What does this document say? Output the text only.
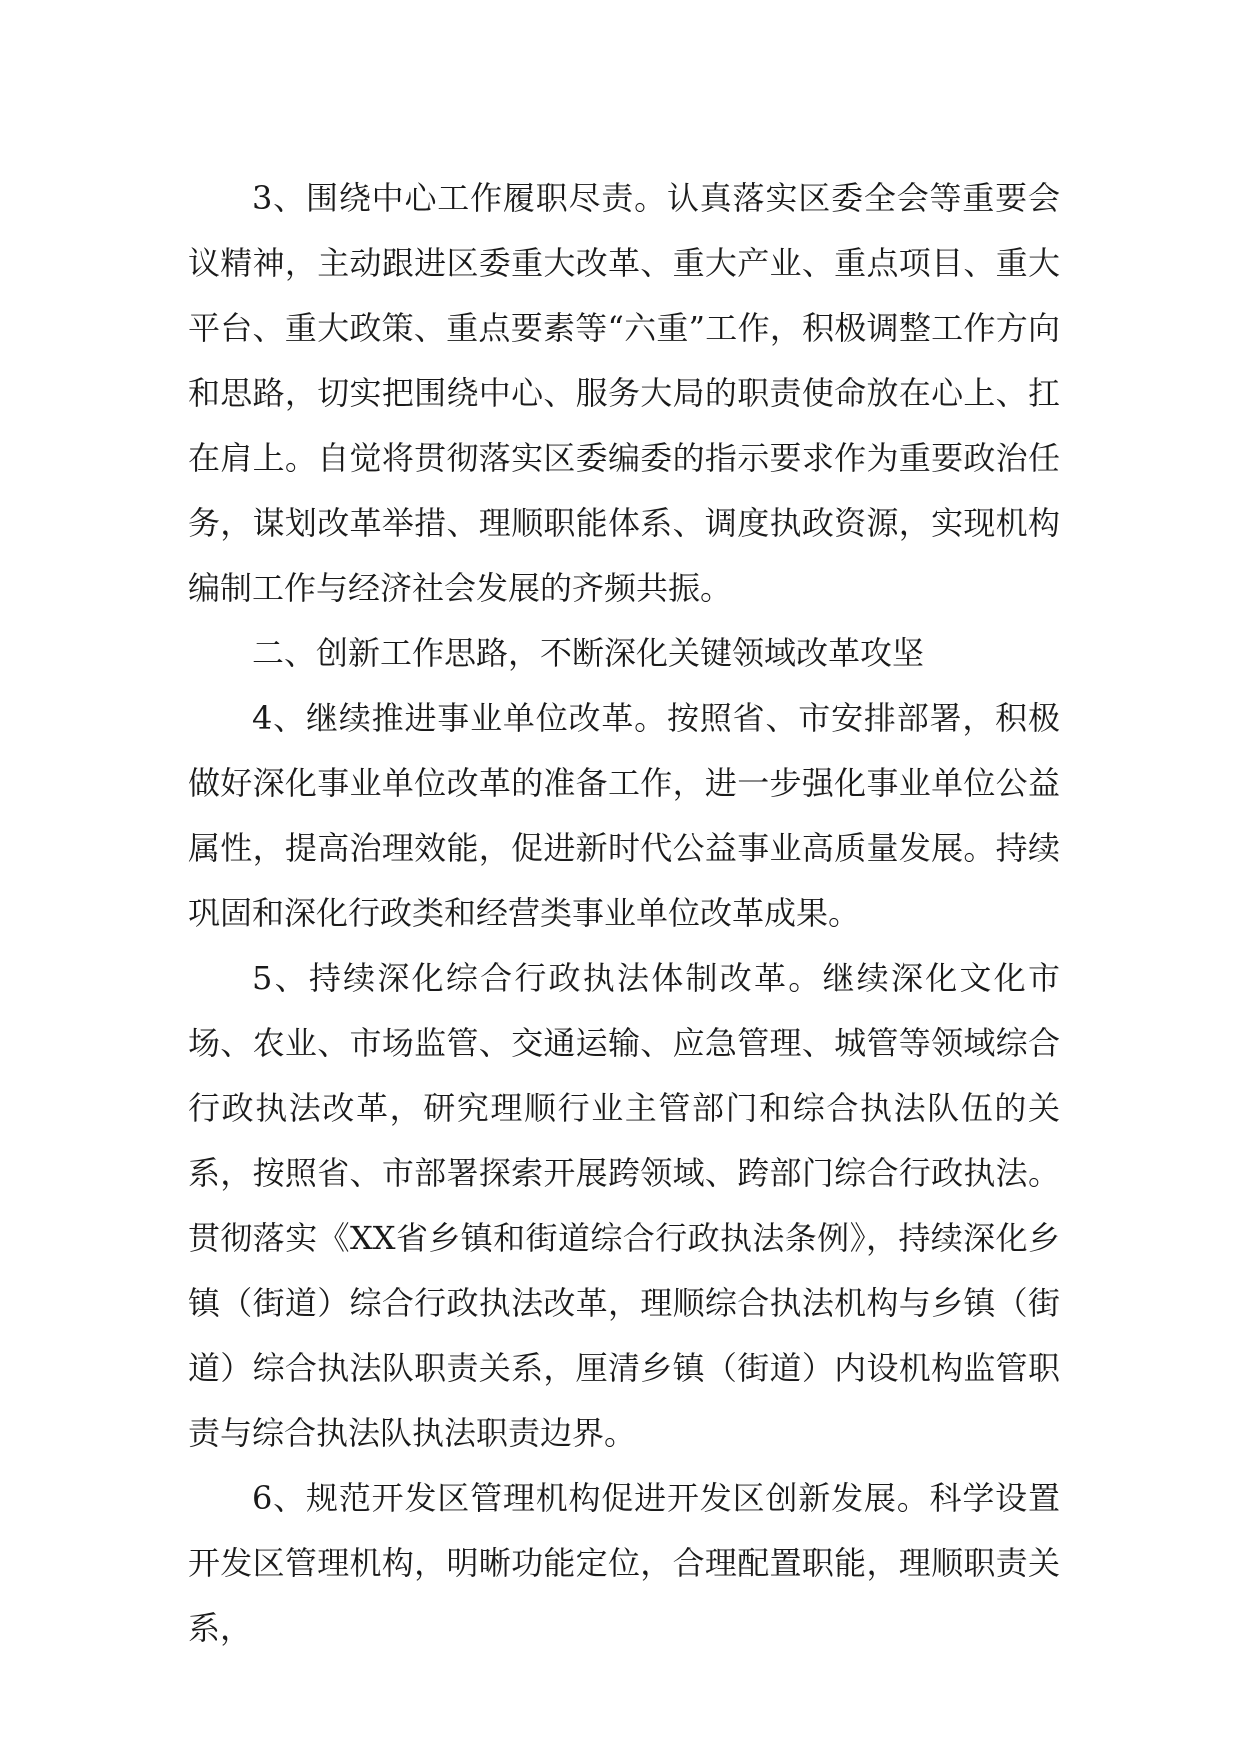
3、围绕中心工作履职尽责。认真落实区委全会等重要会议精神，主动跟进区委重大改革、重大产业、重点项目、重大平台、重大政策、重点要素等“六重”工作，积极调整工作方向和思路，切实把围绕中心、服务大局的职责使命放在心上、扛在肩上。自觉将贯彻落实区委编委的指示要求作为重要政治任务，谋划改革举措、理顺职能体系、调度执政资源，实现机构编制工作与经济社会发展的齐频共振。

二、创新工作思路，不断深化关键领域改革攻坚

4、继续推进事业单位改革。按照省、市安排部署，积极做好深化事业单位改革的准备工作，进一步强化事业单位公益属性，提高治理效能，促进新时代公益事业高质量发展。持续巩固和深化行政类和经营类事业单位改革成果。

5、持续深化综合行政执法体制改革。继续深化文化市场、农业、市场监管、交通运输、应急管理、城管等领域综合行政执法改革，研究理顺行业主管部门和综合执法队伍的关系，按照省、市部署探索开展跨领域、跨部门综合行政执法。贯彻落实《XX省乡镇和街道综合行政执法条例》，持续深化乡镇（街道）综合行政执法改革，理顺综合执法机构与乡镇（街道）综合执法队职责关系，厘清乡镇（街道）内设机构监管职责与综合执法队执法职责边界。

6、规范开发区管理机构促进开发区创新发展。科学设置开发区管理机构，明晰功能定位，合理配置职能，理顺职责关系，
